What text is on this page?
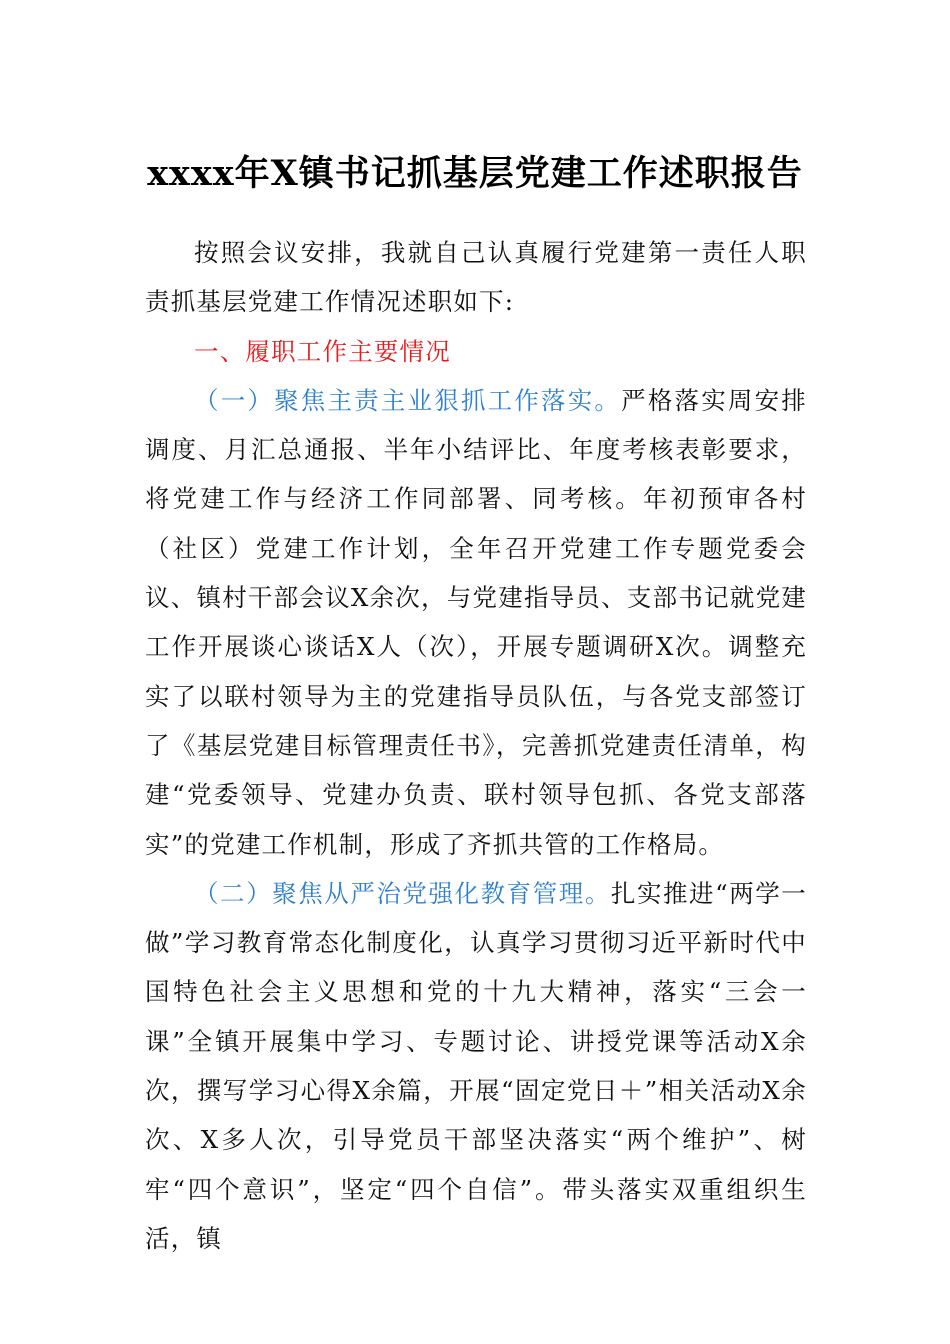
xxxx年X镇书记抓基层党建工作述职报告

按照会议安排，我就自己认真履行党建第一责任人职责抓基层党建工作情况述职如下:

一、履职工作主要情况

（一）聚焦主责主业狠抓工作落实。严格落实周安排调度、月汇总通报、半年小结评比、年度考核表彰要求，将党建工作与经济工作同部署、同考核。年初预审各村（社区）党建工作计划，全年召开党建工作专题党委会议、镇村干部会议X余次，与党建指导员、支部书记就党建工作开展谈心谈话X人（次），开展专题调研X次。调整充实了以联村领导为主的党建指导员队伍，与各党支部签订了《基层党建目标管理责任书》，完善抓党建责任清单，构建“党委领导、党建办负责、联村领导包抓、各党支部落实”的党建工作机制，形成了齐抓共管的工作格局。

（二）聚焦从严治党强化教育管理。扎实推进“两学一做”学习教育常态化制度化，认真学习贯彻习近平新时代中国特色社会主义思想和党的十九大精神，落实“三会一课”全镇开展集中学习、专题讨论、讲授党课等活动X余次，撰写学习心得X余篇，开展“固定党日＋”相关活动X余次、X多人次，引导党员干部坚决落实“两个维护”、树牢“四个意识”，坚定“四个自信”。带头落实双重组织生活，镇
